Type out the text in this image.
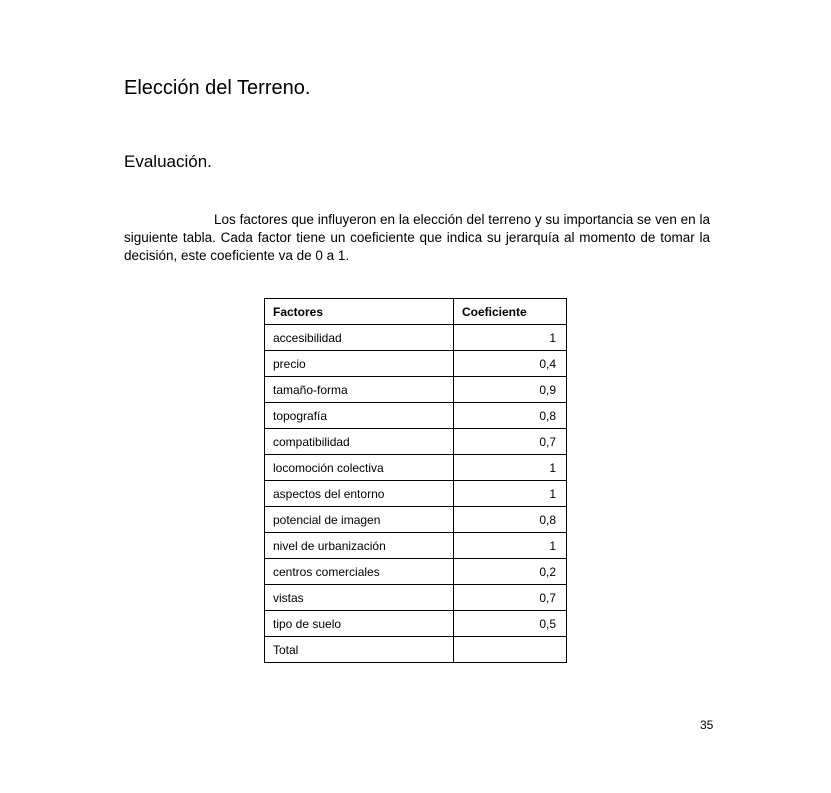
Elección del Terreno.
Evaluación.

Los factores que influyeron en la elección del terreno y su importancia se ven en la siguiente tabla. Cada factor tiene un coeficiente que indica su jerarquía al momento de tomar la decisión, este coeficiente va de 0 a 1.

Factores	Coeficiente
accesibilidad	1
precio	0,4
tamaño-forma	0,9
topografía	0,8
compatibilidad	0,7
locomoción colectiva	1
aspectos del entorno	1
potencial de imagen	0,8
nivel de urbanización	1
centros comerciales	0,2
vistas	0,7
tipo de suelo	0,5
Total	
35
